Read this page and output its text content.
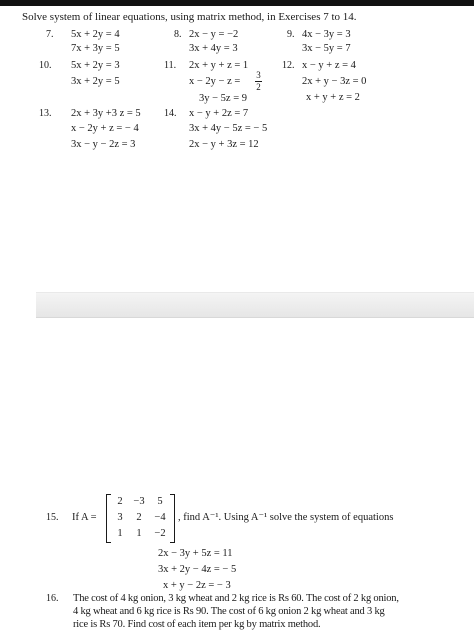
Solve system of linear equations, using matrix method, in Exercises 7 to 14.
7. 5x + 2y = 4
7x + 3y = 5
8. 2x − y = −2
3x + 4y = 3
9. 4x − 3y = 3
3x − 5y = 7
10. 5x + 2y = 3
3x + 2y = 5
11. 2x + y + z = 1
x − 2y − z =
3
2
3y − 5z = 9
12. x − y + z = 4
2x + y − 3z = 0
x + y + z = 2
13. 2x + 3y +3 z = 5
x − 2y + z = − 4
3x − y − 2z = 3
14. x − y + 2z = 7
3x + 4y − 5z = − 5
2x − y + 3z = 12
15. If A =
2	−3	5
3	2	−4
1	1	−2
, find A⁻¹. Using A⁻¹ solve the system of equations
2x − 3y + 5z = 11
3x + 2y − 4z = − 5
x + y − 2z = − 3
16. The cost of 4 kg onion, 3 kg wheat and 2 kg rice is Rs 60. The cost of 2 kg onion,
4 kg wheat and 6 kg rice is Rs 90. The cost of 6 kg onion 2 kg wheat and 3 kg
rice is Rs 70. Find cost of each item per kg by matrix method.
